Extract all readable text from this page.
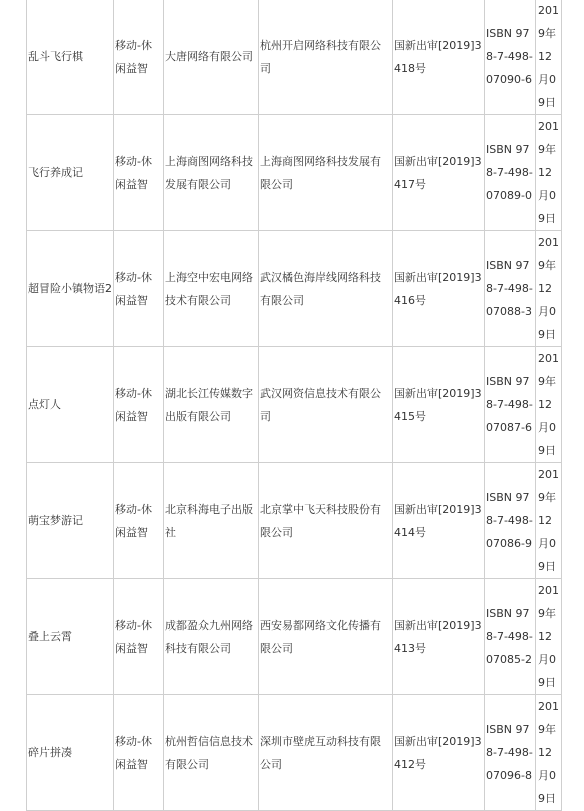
乱斗飞行棋	移动-休闲益智	大唐网络有限公司	杭州开启网络科技有限公司	国新出审[2019]3418号	ISBN 978-7-498-07090-6	2019年12月09日
飞行养成记	移动-休闲益智	上海商图网络科技发展有限公司	上海商图网络科技发展有限公司	国新出审[2019]3417号	ISBN 978-7-498-07089-0	2019年12月09日
超冒险小镇物语2	移动-休闲益智	上海空中宏电网络技术有限公司	武汉橘色海岸线网络科技有限公司	国新出审[2019]3416号	ISBN 978-7-498-07088-3	2019年12月09日
点灯人	移动-休闲益智	湖北长江传媒数字出版有限公司	武汉网资信息技术有限公司	国新出审[2019]3415号	ISBN 978-7-498-07087-6	2019年12月09日
萌宝梦游记	移动-休闲益智	北京科海电子出版社	北京掌中飞天科技股份有限公司	国新出审[2019]3414号	ISBN 978-7-498-07086-9	2019年12月09日
叠上云霄	移动-休闲益智	成都盈众九州网络科技有限公司	西安易都网络文化传播有限公司	国新出审[2019]3413号	ISBN 978-7-498-07085-2	2019年12月09日
碎片拼凑	移动-休闲益智	杭州哲信信息技术有限公司	深圳市壁虎互动科技有限公司	国新出审[2019]3412号	ISBN 978-7-498-07096-8	2019年12月09日
